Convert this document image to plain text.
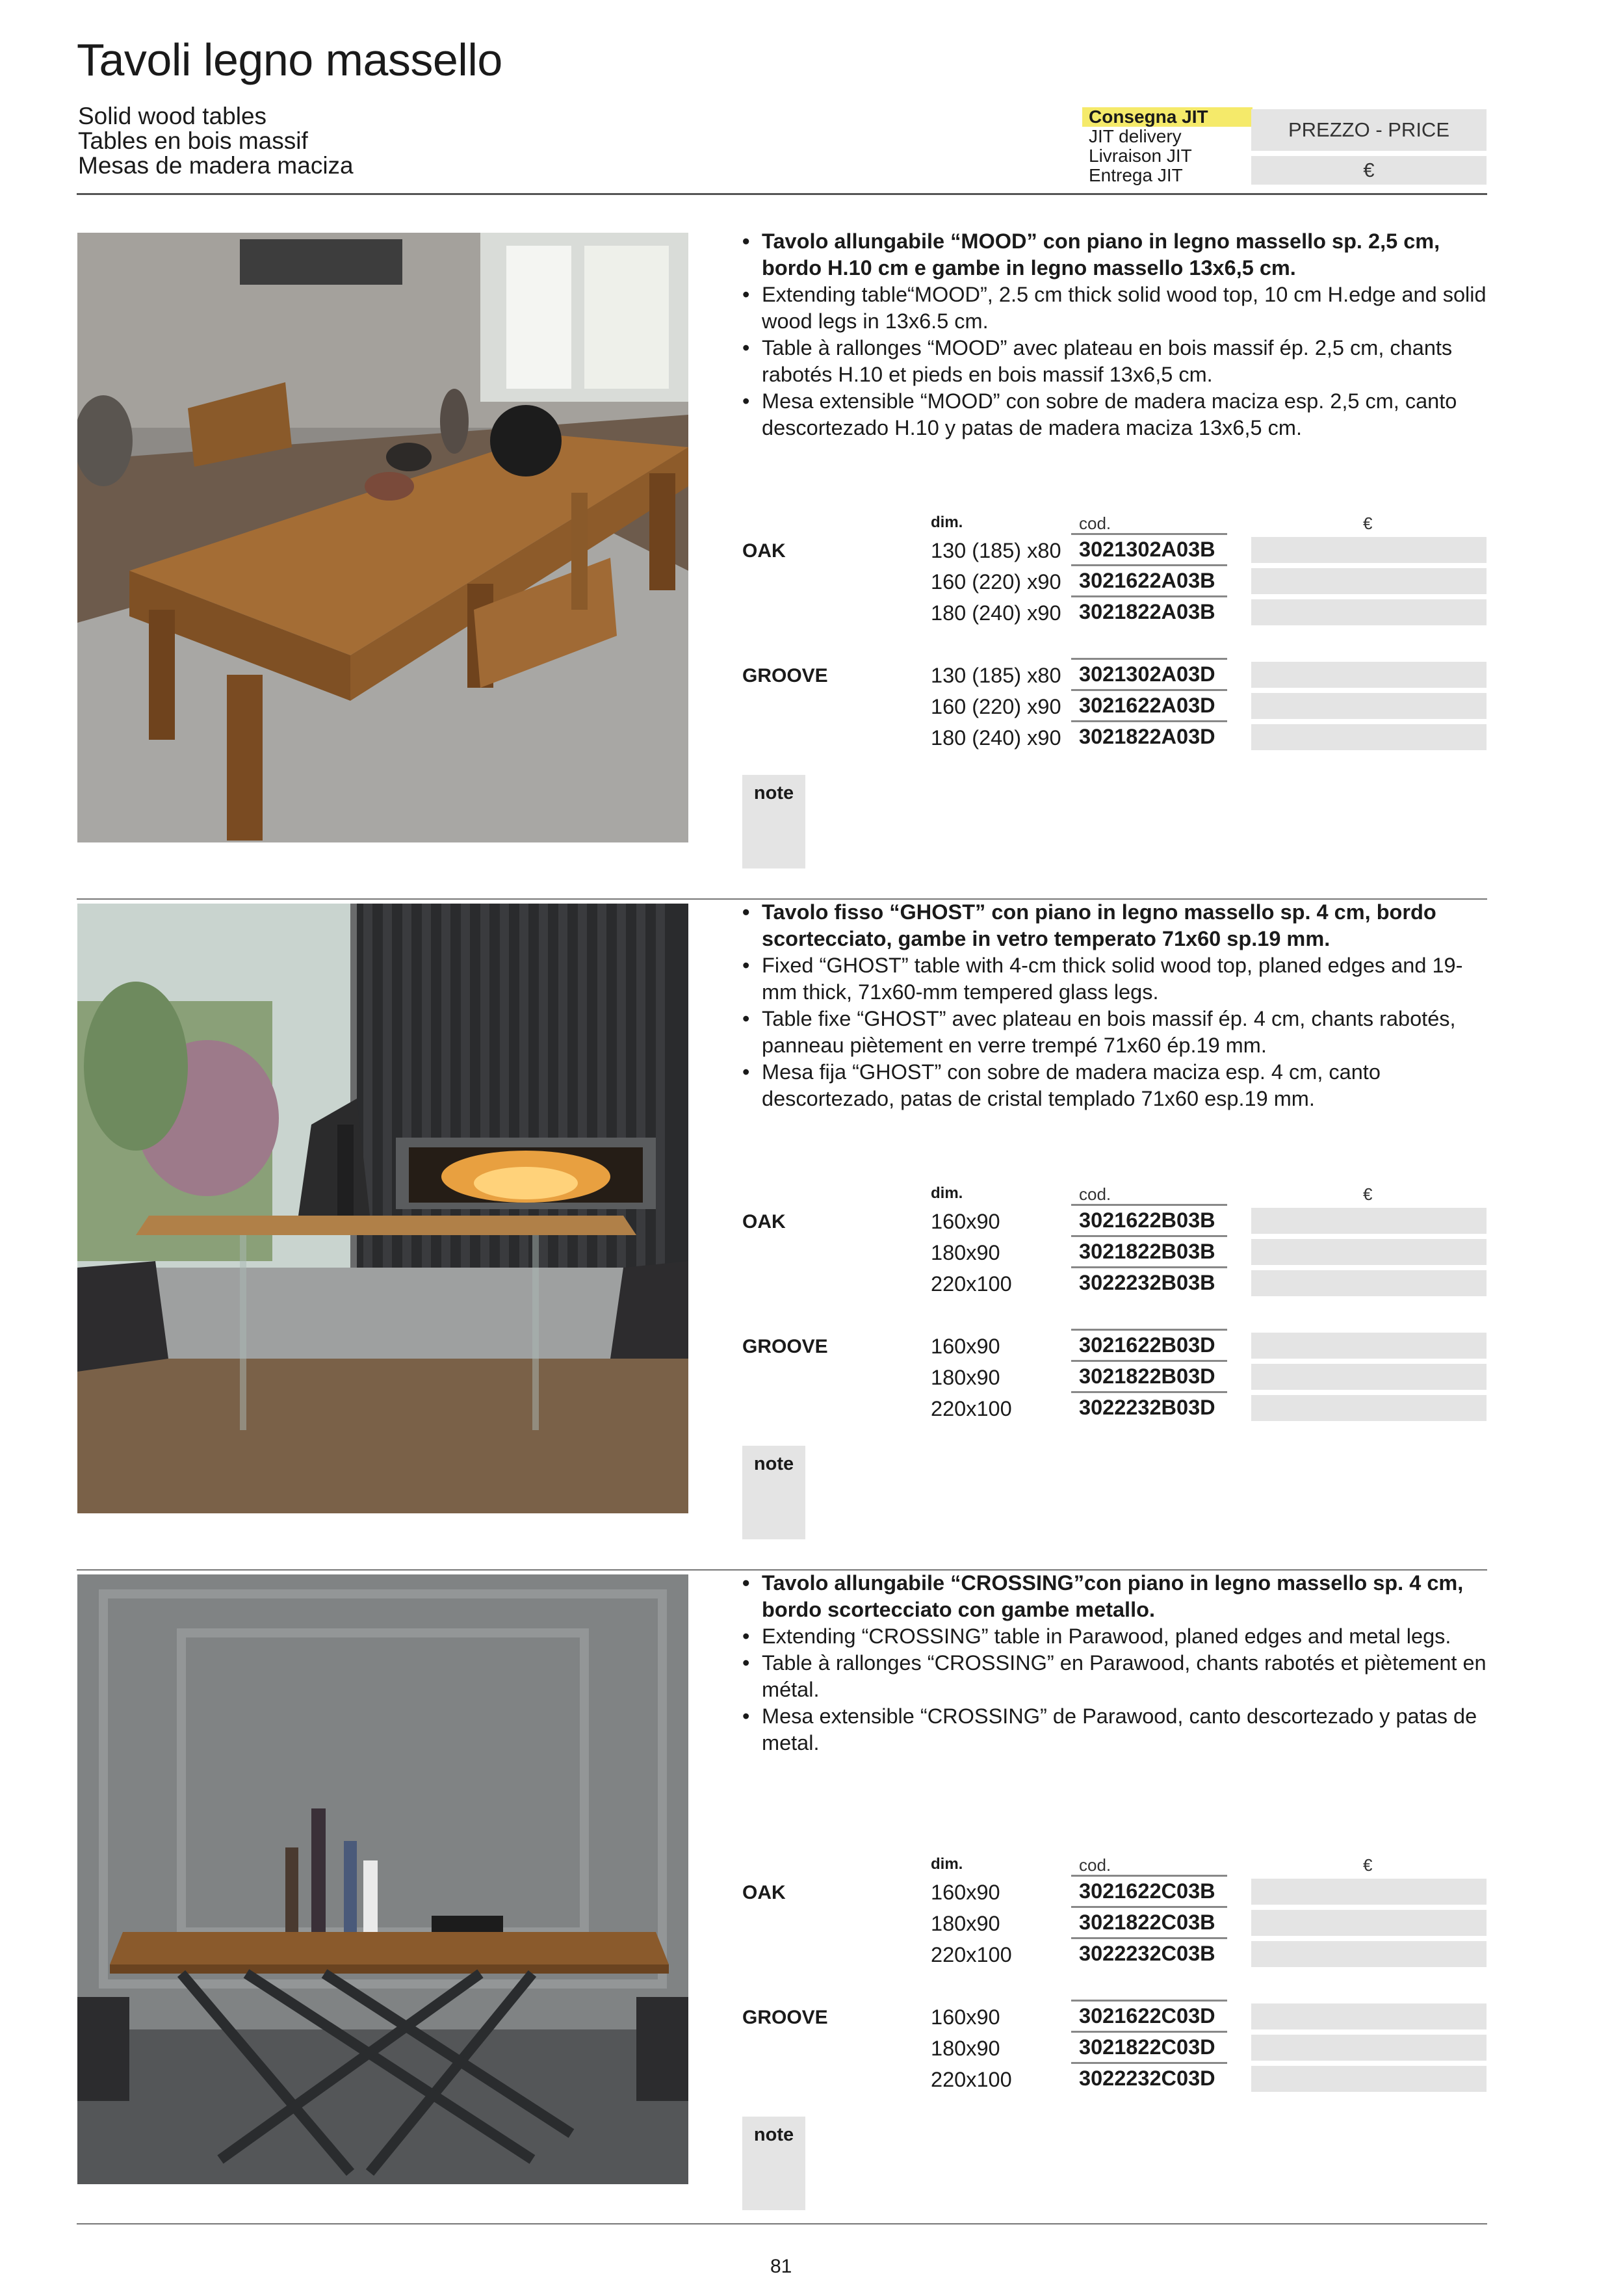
Tavoli legno massello
Solid wood tables
Tables en bois massif
Mesas de madera maciza
Consegna JIT
JIT delivery
Livraison JIT
Entrega JIT
PREZZO - PRICE
€
• Tavolo allungabile “MOOD” con piano in legno massello sp. 2,5 cm, bordo H.10 cm e gambe in legno massello 13x6,5 cm.
• Extending table“MOOD”, 2.5 cm thick solid wood top, 10 cm H.edge and solid wood legs in 13x6.5 cm.
• Table à rallonges “MOOD” avec plateau en bois massif ép. 2,5 cm, chants rabotés H.10 et pieds en bois massif 13x6,5 cm.
• Mesa extensible “MOOD” con sobre de madera maciza esp. 2,5 cm, canto descortezado H.10 y patas de madera maciza 13x6,5 cm.
dim.	cod.	€
OAK	130 (185) x80 3021302A03B
160 (220) x90 3021622A03B
180 (240) x90 3021822A03B
GROOVE	130 (185) x80 3021302A03D
160 (220) x90 3021622A03D
180 (240) x90 3021822A03D
note
• Tavolo fisso “GHOST” con piano in legno massello sp. 4 cm, bordo scortecciato, gambe in vetro temperato 71x60 sp.19 mm.
• Fixed “GHOST” table with 4-cm thick solid wood top, planed edges and 19-mm thick, 71x60-mm tempered glass legs.
• Table fixe “GHOST” avec plateau en bois massif ép. 4 cm, chants rabotés, panneau piètement en verre trempé 71x60 ép.19 mm.
• Mesa fija “GHOST” con sobre de madera maciza esp. 4 cm, canto descortezado, patas de cristal templado 71x60 esp.19 mm.
dim.	cod.	€
OAK	160x90	3021622B03B
180x90	3021822B03B
220x100	3022232B03B
GROOVE	160x90	3021622B03D
180x90	3021822B03D
220x100	3022232B03D
note
• Tavolo allungabile “CROSSING”con piano in legno massello sp. 4 cm, bordo scortecciato con gambe metallo.
• Extending “CROSSING” table in Parawood, planed edges and metal legs.
• Table à rallonges “CROSSING” en Parawood, chants rabotés et piètement en métal.
• Mesa extensible “CROSSING” de Parawood, canto descortezado y patas de metal.
dim.	cod.	€
OAK	160x90	3021622C03B
180x90	3021822C03B
220x100	3022232C03B
GROOVE	160x90	3021622C03D
180x90	3021822C03D
220x100	3022232C03D
note
81
